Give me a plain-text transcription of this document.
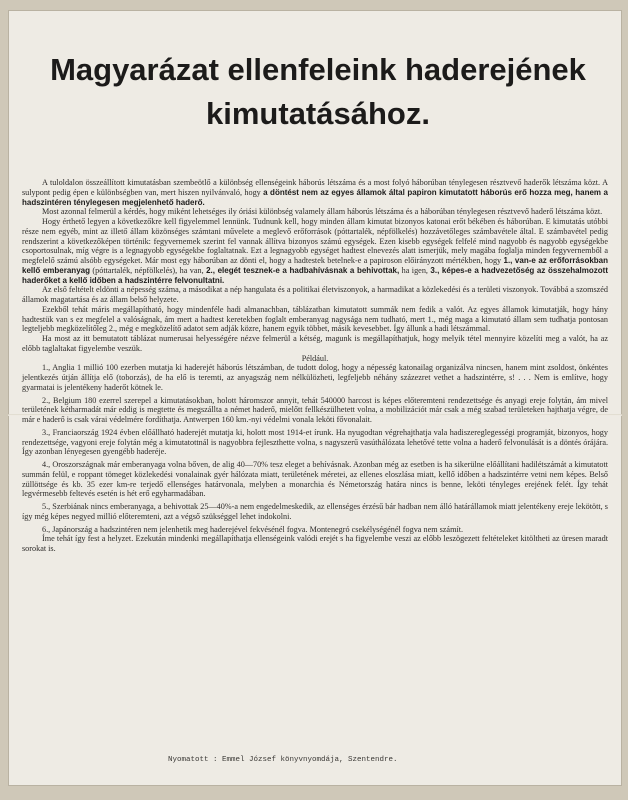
Magyarázat ellenfeleink haderejének kimutatásához.

A tuloldalon összeállított kimutatásban szembeötlő a különbség ellenségeink háborús létszáma és a most folyó háborúban ténylegesen résztvevő haderők létszáma közt. A sulypont pedig épen e különbségben van, mert hiszen nyilvánvaló, hogy a döntést nem az egyes államok által papiron kimutatott háborús erő hozza meg, hanem a hadszintéren ténylegesen megjelenhető haderő.

Most azonnal felmerül a kérdés, hogy miként lehetséges ily óriási különbség valamely állam háborús létszáma és a háborúban ténylegesen résztvevő haderő létszáma közt.

Hogy érthető legyen a következőkre kell figyelemmel lennünk. Tudnunk kell, hogy minden állam kimutat bizonyos katonai erőt békében és háborúban. E kimutatás utóbbi része nem egyéb, mint az illető állam közönséges számtani művelete a meglevő erőforrások (póttartalék, népfölkelés) hozzávetőleges számbavétele által. E számbavétel pedig rendszerint a következőképen történik: fegyvernemek szerint fel vannak állítva bizonyos számú egységek. Ezen kisebb egységek felfelé mind nagyobb és nagyobb egységekbe csoportosulnak, míg végre is a legnagyobb egységekbe foglaltatnak. Ezt a legnagyobb egységet hadtest elnevezés alatt ismerjük, mely magába foglalja minden fegyvernemből a megfelelő számú alsóbb egységeket. Már most egy háborúban az dönti el, hogy a hadtestek betelnek-e a papiroson előirányzott mértékben, hogy 1., van-e az erőforrásokban kellő emberanyag (póttartalék, népfölkelés), ha van, 2., elegét tesznek-e a hadbahívásnak a behivottak, ha igen, 3., képes-e a hadvezetőség az összehalmozott haderőket a kellő időben a hadszintérre felvonultatni.

Az első feltételt eldönti a népesség száma, a másodikat a nép hangulata és a politikai életviszonyok, a harmadikat a közlekedési és a területi viszonyok. Továbbá a szomszéd államok magatartása és az állam belső helyzete.

Ezekből tehát máris megállapítható, hogy mindenféle hadi almanachban, táblázatban kimutatott summák nem fedik a valót. Az egyes államok kimutatják, hogy hány hadtestük van s ez megfelel a valóságnak, ám mert a hadtest keretekben foglalt emberanyag nagysága nem tudható, mert 1., még maga a kimutató állam sem tudhatja pontosan legteljebb megközelítőleg 2., még e megközelítő adatot sem adják közre, hanem egyik többet, másik kevesebbet. Így állunk a hadi létszámmal.

Ha most az itt bemutatott táblázat numerusai helyességére nézve felmerül a kétség, magunk is megállapíthatjuk, hogy melyik tétel mennyire közelíti meg a valót, ha az előbb taglaltakat figyelembe veszük.

Például.

1., Anglia 1 millió 100 ezerben mutatja ki haderejét háborús létszámban, de tudott dolog, hogy a népesség katonailag organizálva nincsen, hanem mint zsoldost, önkéntes jelentkezés útján állítja elő (toborzás), de ha elő is teremti, az anyagszág nem nélkülözheti, legfeljebb néhány százezret vethet a hadszintérre, s! . . . Nem is említve, hogy gyarmatai is jelentékeny haderőt kötnek le.

2., Belgium 180 ezerrel szerepel a kimutatásokban, holott háromszor annyit, tehát 540000 harcost is képes előteremteni rendezettsége és anyagi ereje folytán, ám mivel területének kétharmadát már eddig is megtette és megszállta a német haderő, mielőtt fellkészülhetett volna, a mobilizációt már csak a még szabad területeken hajthatja végre, de már e haderő is csak várai védelmére fordíthatja. Antwerpen 160 km.-nyi védelmi vonala leköti fővonalait.

3., Franciaország 1924 évben előállható haderejét mutatja ki, holott most 1914-et írunk. Ha nyugodtan végrehajthatja vala hadiszereglegességi programját, bizonyos, hogy rendezettsége, vagyoni ereje folytán még a kimutatottnál is nagyobbra fejleszthette volna, s nagyszerű vasúthálózata lehetővé tette volna a haderő felvonulását is a döntés órájára. Így azonban lényegesen gyengébb haderéje.

4., Oroszországnak már emberanyaga volna bőven, de alig 40—70% tesz eleget a behívásnak. Azonban még az esetben is ha sikerülne előállítani hadilétszámát a kimutatott summán felül, e roppant tömeget közlekedési vonalainak gyér hálózata miatt, területének méretei, az ellenes eloszlása miatt, kellő időben a hadszintérre vetni nem képes. Belső züllöttsége és kb. 35 ezer km-re terjedő ellenséges határvonala, melyben a monarchia és Németország határa nincs is benne, leköti tényleges erejének felét. Így tehát legvérmesebb feltevés esetén is hét erő egyharmadában.

5., Szerbiának nincs emberanyaga, a behivottak 25—40%-a nem engedelmeskedik, az ellenséges érzésű bár hadban nem álló határállamok miatt jelentékeny ereje lekötött, s így még képes negyed millió előteremteni, azt a végső szükséggel lehet indokolni.

6., Japánország a hadszintéren nem jelenhetik meg haderejével fekvésénél fogva. Montenegró csekélységénél fogva nem számít.

Íme tehát így fest a helyzet. Ezekután mindenki megállapíthatja ellenségeink valódi erejét s ha figyelembe veszi az előbb leszögezett feltételeket kitöltheti az üresen maradt sorokat is.

Nyomatott : Emmel József könyvnyomdája, Szentendre.
